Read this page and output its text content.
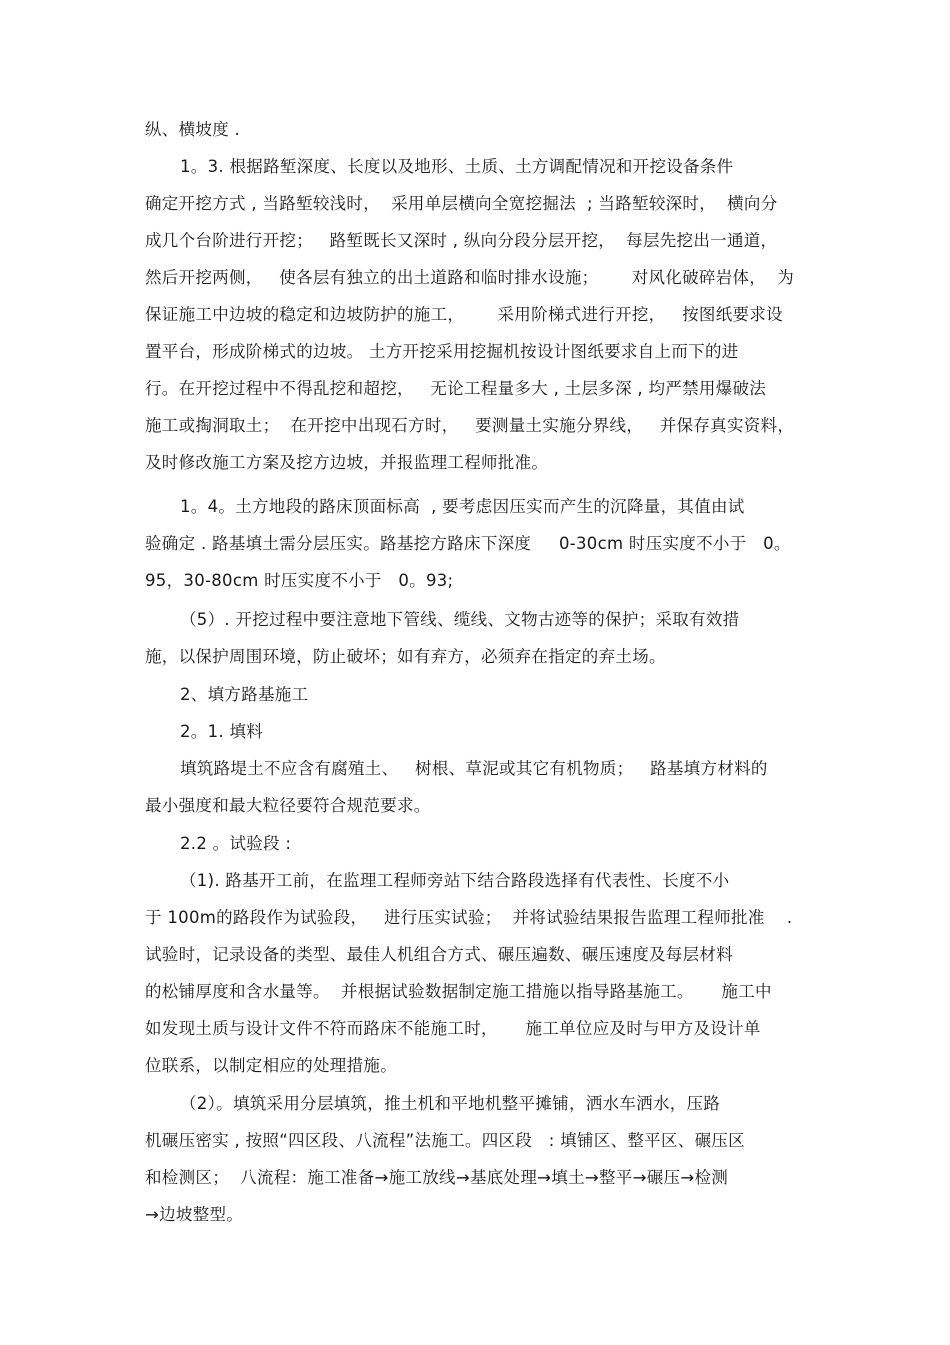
纵、横坡度 .
1。3. 根据路堑深度、长度以及地形、土质、土方调配情况和开挖设备条件
确定开挖方式 , 当路堑较浅时，  采用单层横向全宽挖掘法  ; 当路堑较深时，  横向分
成几个台阶进行开挖；   路堑既长又深时 , 纵向分段分层开挖，  每层先挖出一通道，
然后开挖两侧，   使各层有独立的出土道路和临时排水设施；      对风化破碎岩体，  为
保证施工中边坡的稳定和边坡防护的施工，      采用阶梯式进行开挖，   按图纸要求设
置平台，形成阶梯式的边坡。 土方开挖采用挖掘机按设计图纸要求自上而下的进
行。在开挖过程中不得乱挖和超挖，   无论工程量多大 , 土层多深 , 均严禁用爆破法
施工或掏洞取土；  在开挖中出现石方时，   要测量土实施分界线，   并保存真实资料，
及时修改施工方案及挖方边坡，并报监理工程师批准。
1。4。土方地段的路床顶面标高  , 要考虑因压实而产生的沉降量，其值由试
验确定 . 路基填土需分层压实。路基挖方路床下深度     0-30cm 时压实度不小于   0。
95，30-80cm 时压实度不小于   0。93;
（5）. 开挖过程中要注意地下管线、缆线、文物古迹等的保护；采取有效措
施，以保护周围环境，防止破坏；如有弃方，必须弃在指定的弃土场。
2、填方路基施工
2。1. 填料
填筑路堤土不应含有腐殖土、   树根、草泥或其它有机物质；   路基填方材料的
最小强度和最大粒径要符合规范要求。
2.2 。试验段 :
（1). 路基开工前，在监理工程师旁站下结合路段选择有代表性、长度不小
于 100m的路段作为试验段，   进行压实试验；  并将试验结果报告监理工程师批准    .
试验时，记录设备的类型、最佳人机组合方式、碾压遍数、碾压速度及每层材料
的松铺厚度和含水量等。  并根据试验数据制定施工措施以指导路基施工。     施工中
如发现土质与设计文件不符而路床不能施工时，     施工单位应及时与甲方及设计单
位联系，以制定相应的处理措施。
（2）。填筑采用分层填筑，推土机和平地机整平摊铺，洒水车洒水，压路
机碾压密实 , 按照“四区段、八流程”法施工。四区段   : 填铺区、整平区、碾压区
和检测区；  八流程：施工准备→施工放线→基底处理→填土→整平→碾压→检测
→边坡整型。
